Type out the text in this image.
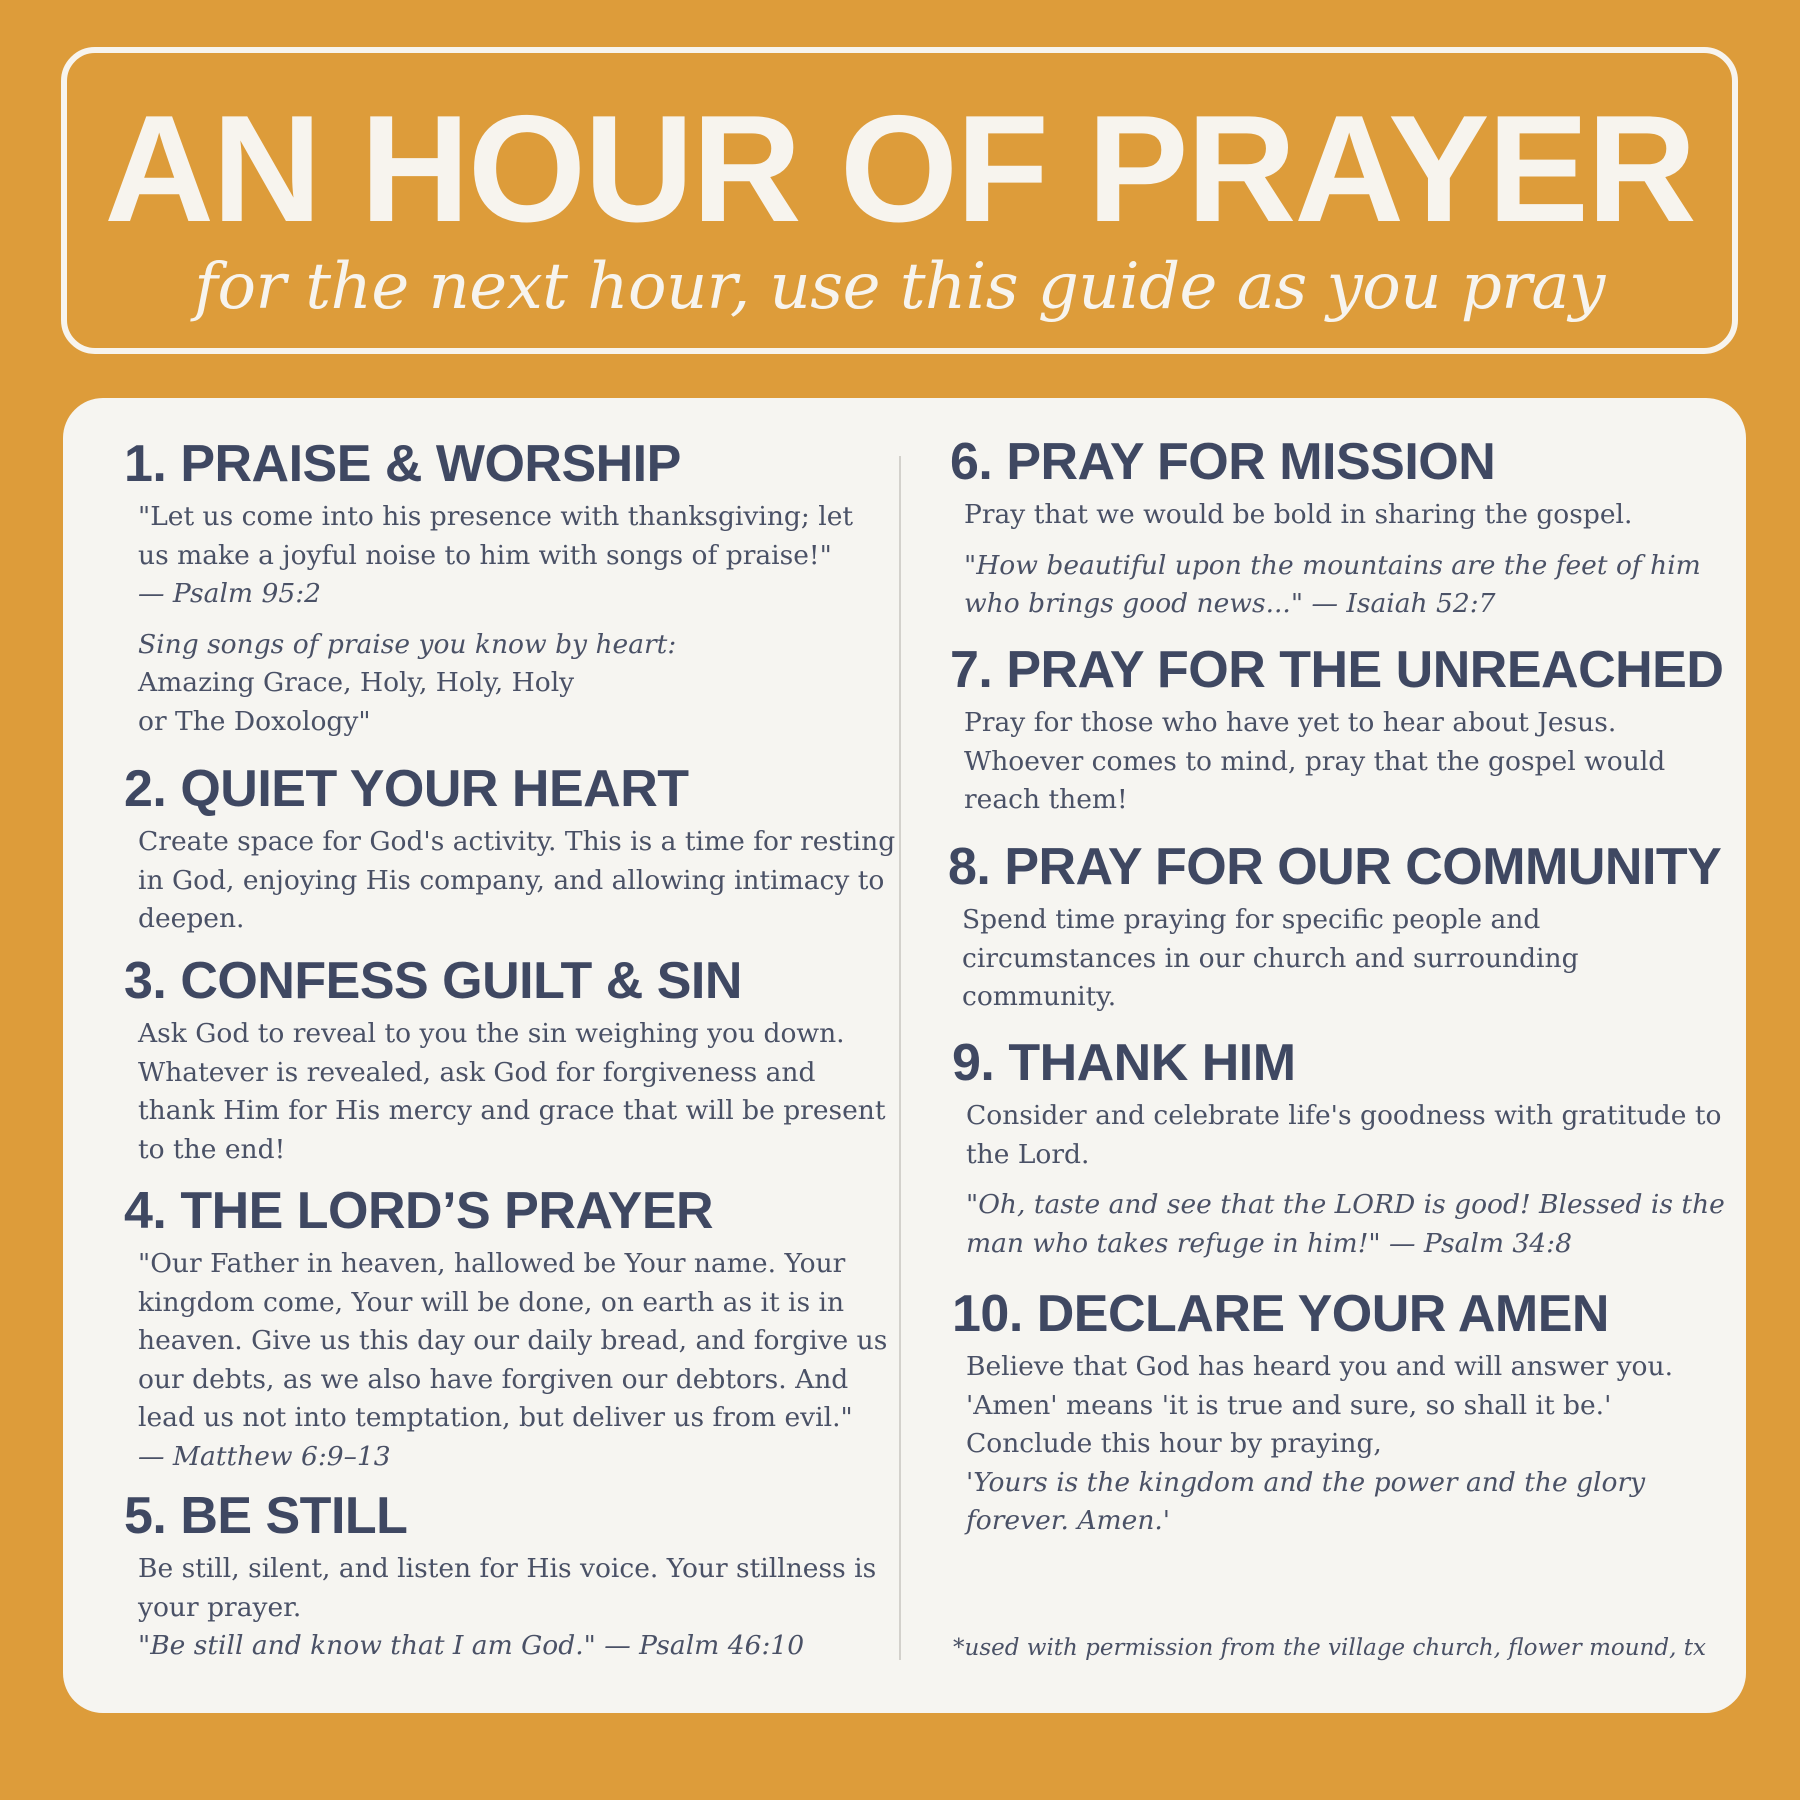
AN HOUR OF PRAYER
for the next hour, use this guide as you pray
1. PRAISE & WORSHIP

"Let us come into his presence with thanksgiving; let

us make a joyful noise to him with songs of praise!"

— Psalm 95:2

Sing songs of praise you know by heart:

Amazing Grace, Holy, Holy, Holy

or The Doxology"

2. QUIET YOUR HEART

Create space for God's activity. This is a time for resting

in God, enjoying His company, and allowing intimacy to

deepen.

3. CONFESS GUILT & SIN

Ask God to reveal to you the sin weighing you down.

Whatever is revealed, ask God for forgiveness and

thank Him for His mercy and grace that will be present

to the end!

4. THE LORD’S PRAYER

"Our Father in heaven, hallowed be Your name. Your

kingdom come, Your will be done, on earth as it is in

heaven. Give us this day our daily bread, and forgive us

our debts, as we also have forgiven our debtors. And

lead us not into temptation, but deliver us from evil."

— Matthew 6:9–13

5. BE STILL

Be still, silent, and listen for His voice. Your stillness is

your prayer.

"Be still and know that I am God." — Psalm 46:10

6. PRAY FOR MISSION

Pray that we would be bold in sharing the gospel.

"How beautiful upon the mountains are the feet of him

who brings good news..." — Isaiah 52:7

7. PRAY FOR THE UNREACHED

Pray for those who have yet to hear about Jesus.

Whoever comes to mind, pray that the gospel would

reach them!

8. PRAY FOR OUR COMMUNITY

Spend time praying for specific people and

circumstances in our church and surrounding

community.

9. THANK HIM

Consider and celebrate life's goodness with gratitude to

the Lord.

"Oh, taste and see that the LORD is good! Blessed is the

man who takes refuge in him!" — Psalm 34:8

10. DECLARE YOUR AMEN

Believe that God has heard you and will answer you.

'Amen' means 'it is true and sure, so shall it be.'

Conclude this hour by praying,

'Yours is the kingdom and the power and the glory

forever. Amen.'

*used with permission from the village church, flower mound, tx
